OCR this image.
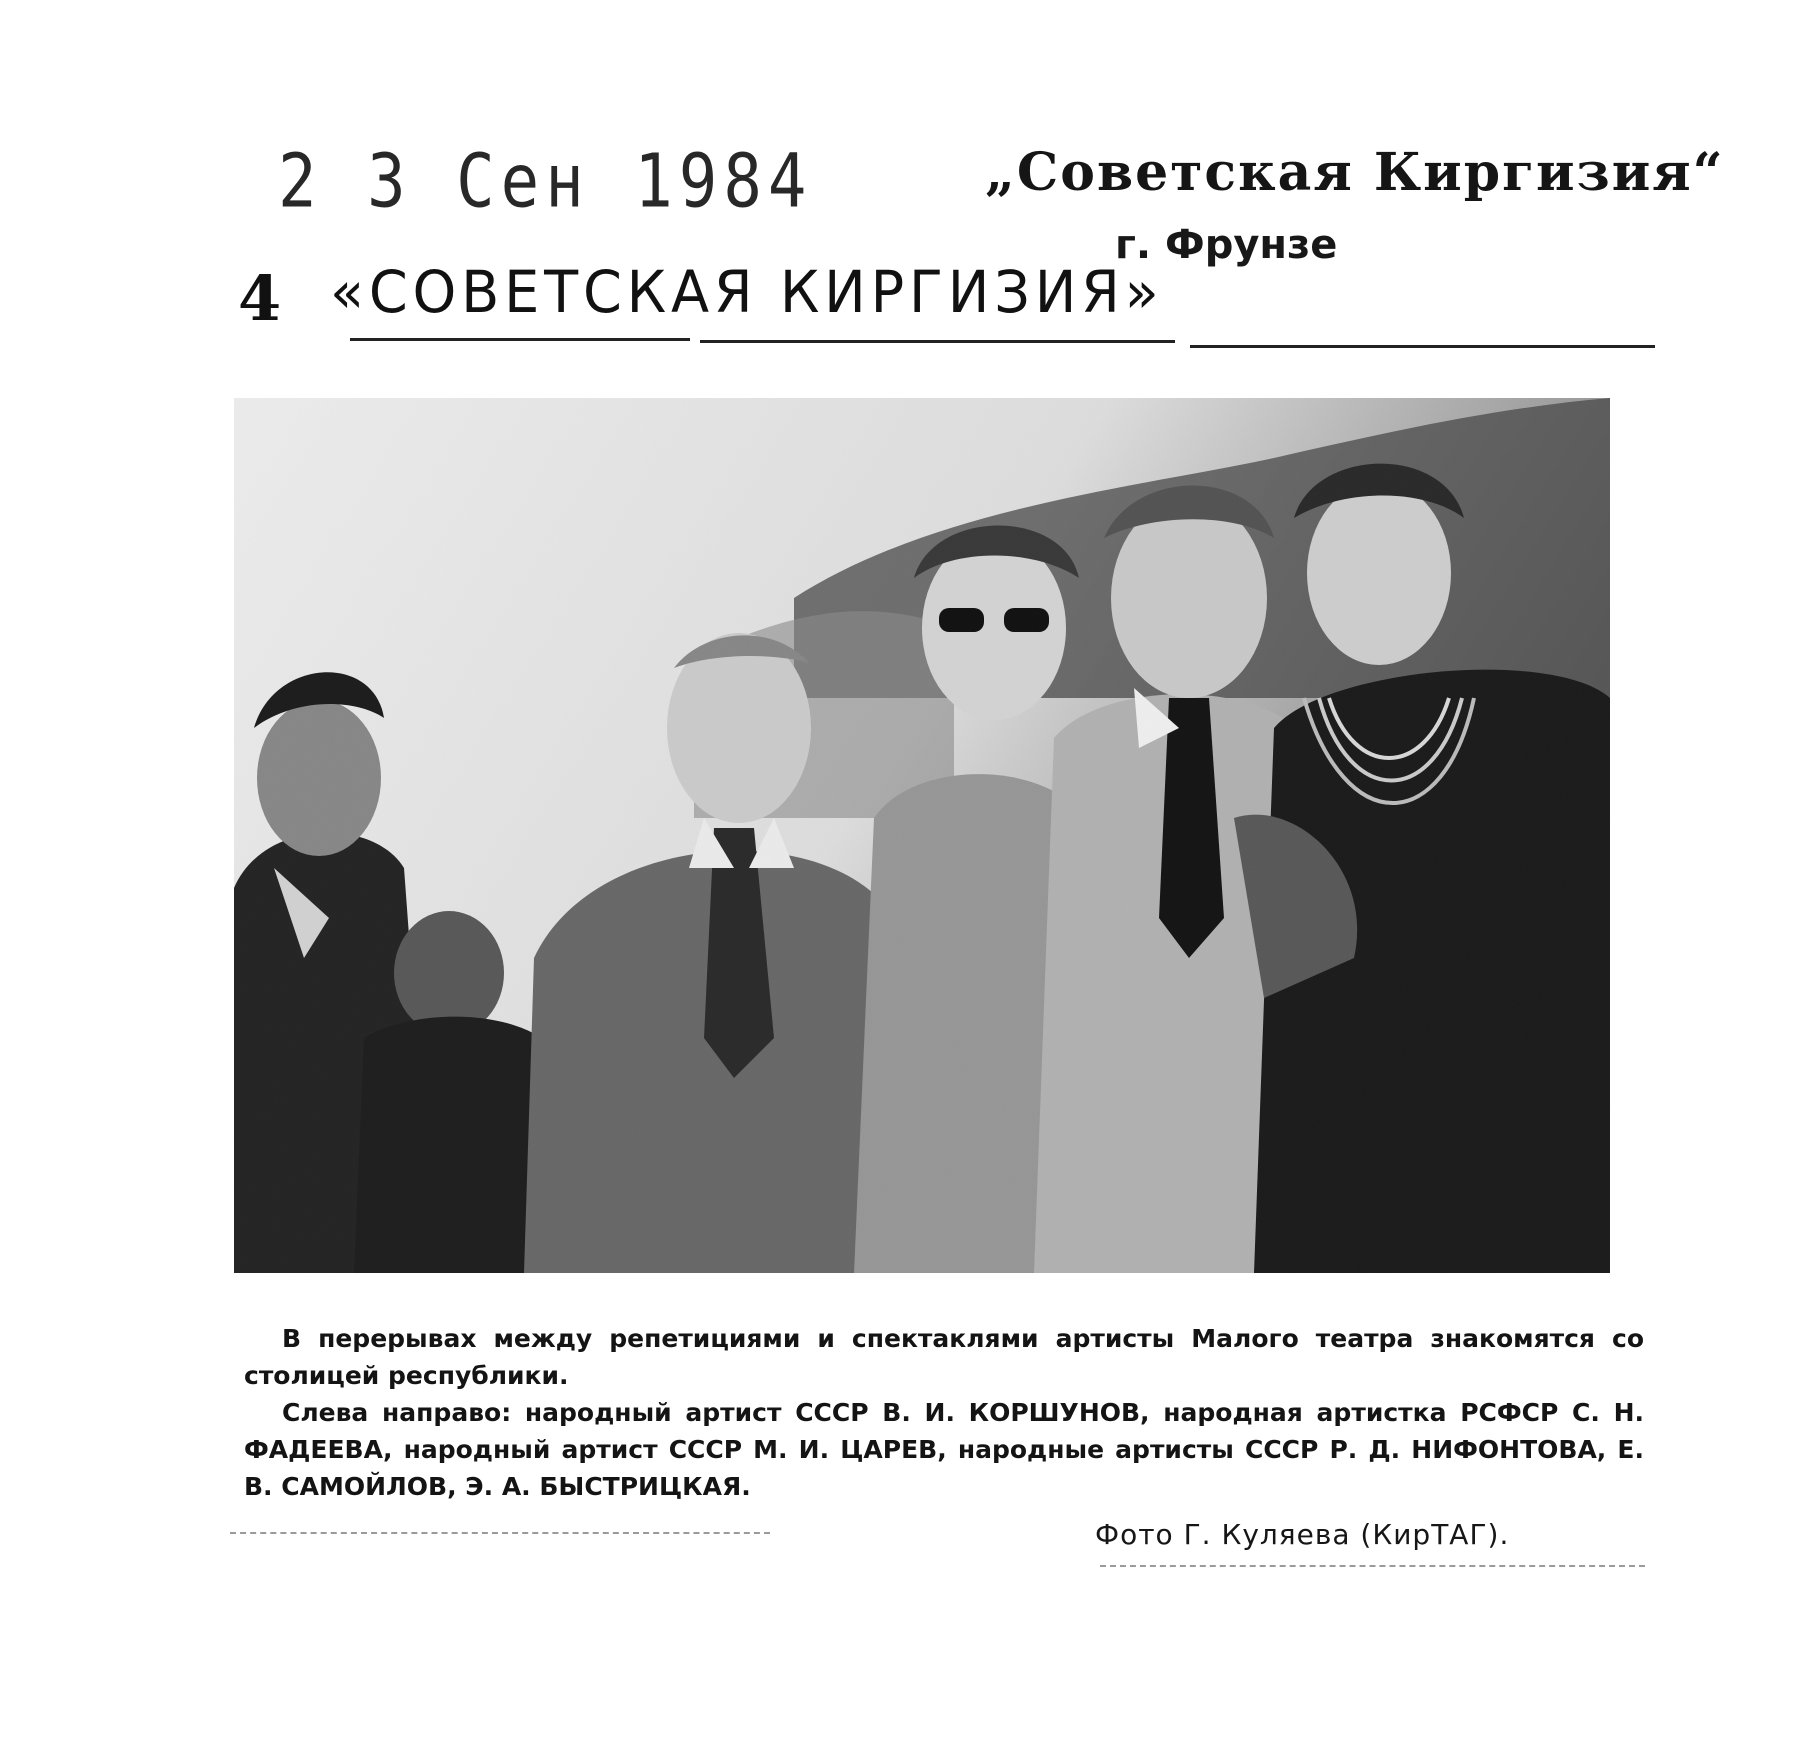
2 3 Сен 1984	„Советская Киргизия“
г. Фрунзе
4 «СОВЕТСКАЯ КИРГИЗИЯ»

В перерывах между репетициями и спектаклями артисты Малого театра знакомятся со столицей республики.

Слева направо: народный артист СССР В. И. КОРШУНОВ, народная артистка РСФСР С. Н. ФАДЕЕВА, народный артист СССР М. И. ЦАРЕВ, народные артисты СССР Р. Д. НИФОНТОВА, Е. В. САМОЙЛОВ, Э. А. БЫСТРИЦКАЯ.

Фото Г. Куляева (КирТАГ).
